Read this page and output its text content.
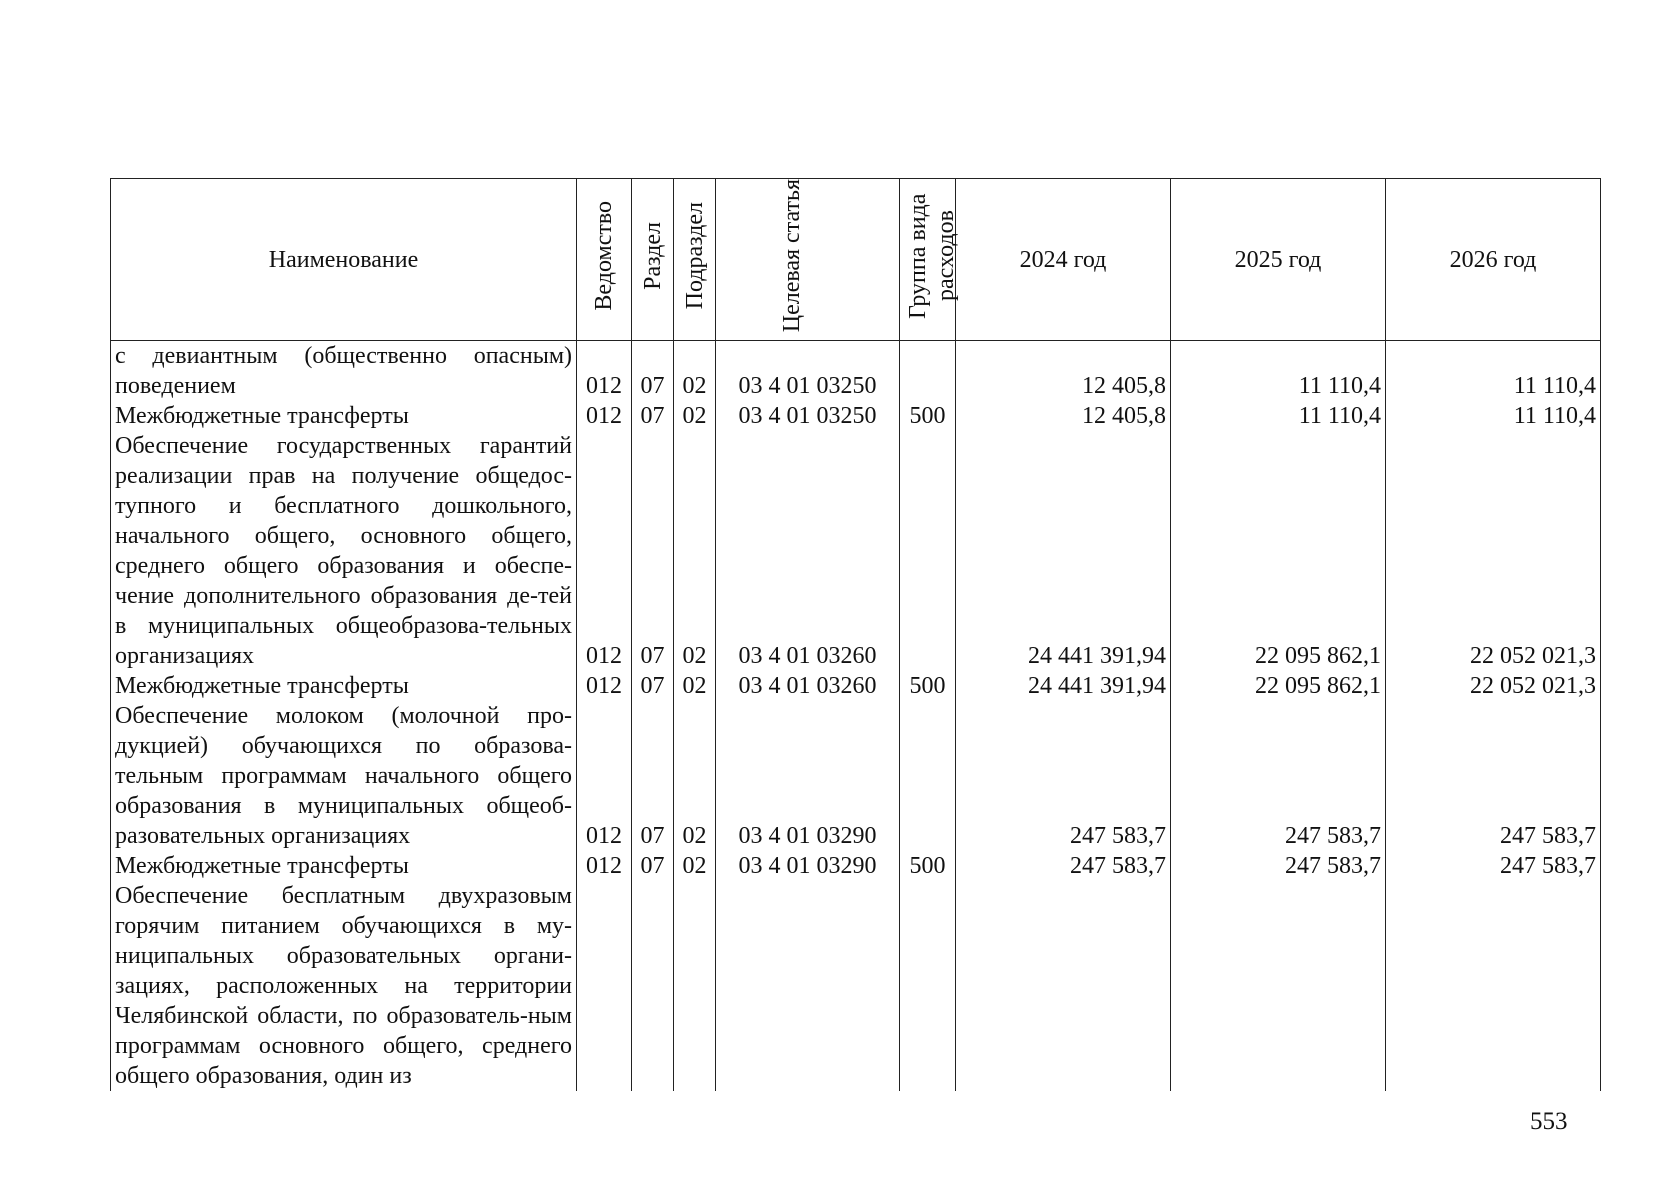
Наименование	Ведомство	Раздел	Подраздел	Целевая статья	Группа вида расходов	2024 год	2025 год	2026 год
с девиантным (общественно опасным) поведением	012	07	02	03 4 01 03250		12 405,8	11 110,4	11 110,4
Межбюджетные трансферты	012	07	02	03 4 01 03250	500	12 405,8	11 110,4	11 110,4
Обеспечение государственных гарантий реализации прав на получение общедос-тупного и бесплатного дошкольного, начального общего, основного общего, среднего общего образования и обеспе-чение дополнительного образования де-тей в муниципальных общеобразова-тельных организациях	012	07	02	03 4 01 03260		24 441 391,94	22 095 862,1	22 052 021,3
Межбюджетные трансферты	012	07	02	03 4 01 03260	500	24 441 391,94	22 095 862,1	22 052 021,3
Обеспечение молоком (молочной про-дукцией) обучающихся по образова-тельным программам начального общего образования в муниципальных общеоб-разовательных организациях	012	07	02	03 4 01 03290		247 583,7	247 583,7	247 583,7
Межбюджетные трансферты	012	07	02	03 4 01 03290	500	247 583,7	247 583,7	247 583,7
Обеспечение бесплатным двухразовым горячим питанием обучающихся в му-ниципальных образовательных органи-зациях, расположенных на территории Челябинской области, по образователь-ным программам основного общего, среднего общего образования, один из								
553
